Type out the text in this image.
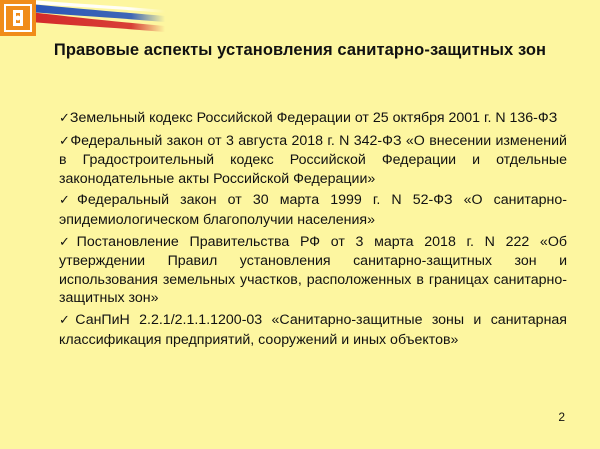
Правовые аспекты установления санитарно-защитных зон

✓Земельный кодекс Российской Федерации от 25 октября 2001 г. N 136-ФЗ

✓Федеральный закон от 3 августа 2018 г. N 342-ФЗ «О внесении изменений в Градостроительный кодекс Российской Федерации и отдельные законодательные акты Российской Федерации»

✓Федеральный закон от 30 марта 1999 г. N 52-ФЗ «О санитарно-эпидемиологическом благополучии населения»

✓Постановление Правительства РФ от 3 марта 2018 г. N 222 «Об утверждении Правил установления санитарно-защитных зон и использования земельных участков, расположенных в границах санитарно-защитных зон»

✓СанПиН 2.2.1/2.1.1.1200-03 «Санитарно-защитные зоны и санитарная классификация предприятий, сооружений и иных объектов»

2
